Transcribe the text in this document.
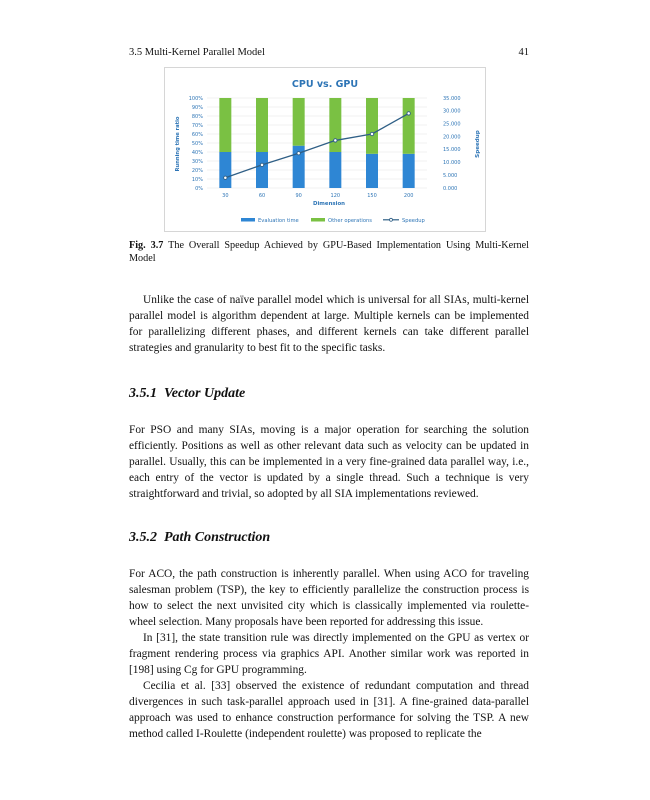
3.5 Multi-Kernel Parallel Model	41
CPU vs. GPU
Running time ratio	Speedup
Dimension
0%
10%
20%
30%
40%
50%
60%
70%
80%
90%
100%
0.000
5.000
10.000
15.000
20.000
25.000
30.000
35.000
30	60	90	120	150	200
Evaluation time	Other operations	Speedup
Fig. 3.7 The Overall Speedup Achieved by GPU-Based Implementation Using Multi-Kernel Model

Unlike the case of naïve parallel model which is universal for all SIAs, multi-kernel parallel model is algorithm dependent at large. Multiple kernels can be implemented for parallelizing different phases, and different kernels can take different parallel strategies and granularity to best fit to the specific tasks.

3.5.1 Vector Update

For PSO and many SIAs, moving is a major operation for searching the solution efficiently. Positions as well as other relevant data such as velocity can be updated in parallel. Usually, this can be implemented in a very fine-grained data parallel way, i.e., each entry of the vector is updated by a single thread. Such a technique is very straightforward and trivial, so adopted by all SIA implementations reviewed.

3.5.2 Path Construction

For ACO, the path construction is inherently parallel. When using ACO for traveling salesman problem (TSP), the key to efficiently parallelize the construction process is how to select the next unvisited city which is classically implemented via roulette-wheel selection. Many proposals have been reported for addressing this issue.

In [31], the state transition rule was directly implemented on the GPU as vertex or fragment rendering process via graphics API. Another similar work was reported in [198] using Cg for GPU programming.

Cecilia et al. [33] observed the existence of redundant computation and thread divergences in such task-parallel approach used in [31]. A fine-grained data-parallel approach was used to enhance construction performance for solving the TSP. A new method called I-Roulette (independent roulette) was proposed to replicate the
